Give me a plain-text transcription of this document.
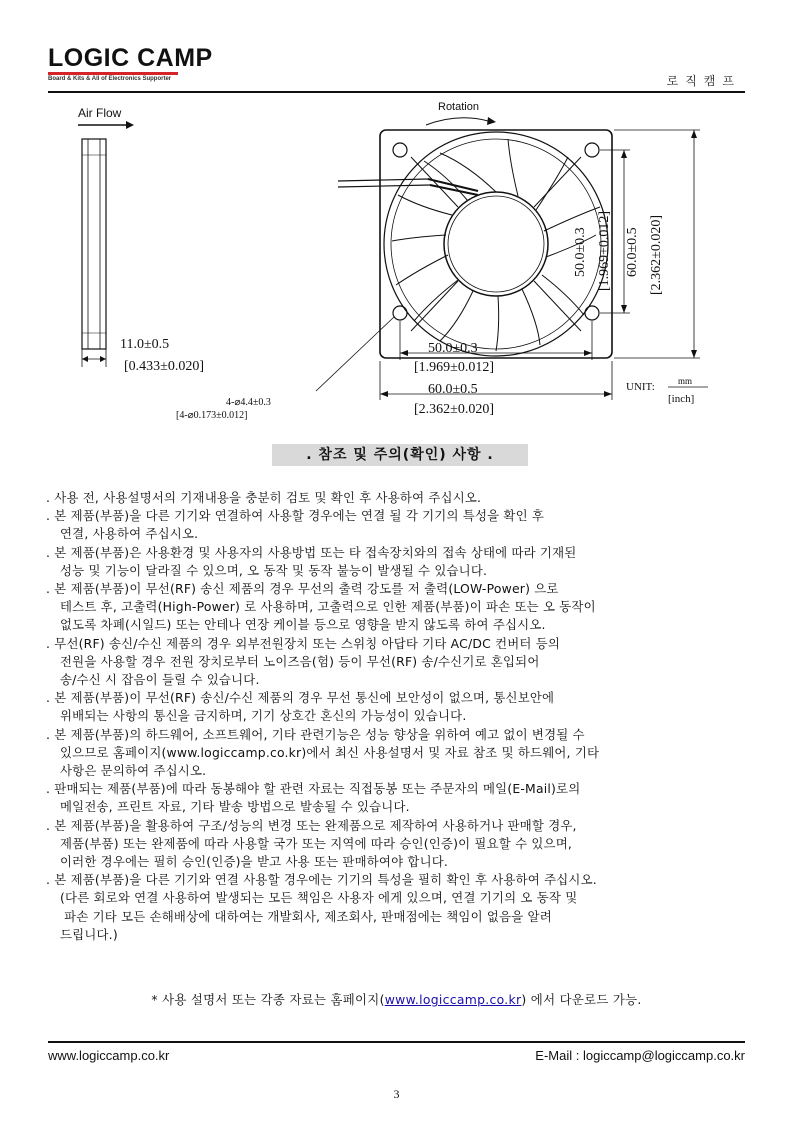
LOGIC CAMP
Board & Kits & All of Electronics Supporter	로직캠프
Air Flow
11.0±0.5
[0.433±0.020]
Rotation
50.0±0.3 [1.969±0.012] 60.0±0.5 [2.362±0.020]
50.0±0.3
[1.969±0.012]
60.0±0.5
[2.362±0.020]
4-⌀4.4±0.3
[4-⌀0.173±0.012]
UNIT:	mm
[inch]
. 참조 및 주의(확인) 사항 .
. 사용 전, 사용설명서의 기재내용을 충분히 검토 및 확인 후 사용하여 주십시오.
. 본 제품(부품)을 다른 기기와 연결하여 사용할 경우에는 연결 될 각 기기의 특성을 확인 후
연결, 사용하여 주십시오.
. 본 제품(부품)은 사용환경 및 사용자의 사용방법 또는 타 접속장치와의 접속 상태에 따라 기재된
성능 및 기능이 달라질 수 있으며, 오 동작 및 동작 불능이 발생될 수 있습니다.
. 본 제품(부품)이 무선(RF) 송신 제품의 경우 무선의 출력 강도를 저 출력(LOW-Power) 으로
테스트 후, 고출력(High-Power) 로 사용하며, 고출력으로 인한 제품(부품)이 파손 또는 오 동작이
없도록 차폐(시일드) 또는 안테나 연장 케이블 등으로 영향을 받지 않도록 하여 주십시오.
. 무선(RF) 송신/수신 제품의 경우 외부전원장치 또는 스위칭 아답타 기타 AC/DC 컨버터 등의
전원을 사용할 경우 전원 장치로부터 노이즈음(험) 등이 무선(RF) 송/수신기로 혼입되어
송/수신 시 잡음이 들릴 수 있습니다.
. 본 제품(부품)이 무선(RF) 송신/수신 제품의 경우 무선 통신에 보안성이 없으며, 통신보안에
위배되는 사항의 통신을 금지하며, 기기 상호간 혼신의 가능성이 있습니다.
. 본 제품(부품)의 하드웨어, 소프트웨어, 기타 관련기능은 성능 향상을 위하여 예고 없이 변경될 수
있으므로 홈페이지(www.logiccamp.co.kr)에서 최신 사용설명서 및 자료 참조 및 하드웨어, 기타
사항은 문의하여 주십시오.
. 판매되는 제품(부품)에 따라 동봉해야 할 관련 자료는 직접동봉 또는 주문자의 메일(E-Mail)로의
메일전송, 프린트 자료, 기타 발송 방법으로 발송될 수 있습니다.
. 본 제품(부품)을 활용하여 구조/성능의 변경 또는 완제품으로 제작하여 사용하거나 판매할 경우,
제품(부품) 또는 완제품에 따라 사용할 국가 또는 지역에 따라 승인(인증)이 필요할 수 있으며,
이러한 경우에는 필히 승인(인증)을 받고 사용 또는 판매하여야 합니다.
. 본 제품(부품)을 다른 기기와 연결 사용할 경우에는 기기의 특성을 필히 확인 후 사용하여 주십시오.
(다른 회로와 연결 사용하여 발생되는 모든 책임은 사용자 에게 있으며, 연결 기기의 오 동작 및
파손 기타 모든 손해배상에 대하여는 개발회사, 제조회사, 판매점에는 책임이 없음을 알려
드립니다.)
* 사용 설명서 또는 각종 자료는 홈페이지(www.logiccamp.co.kr) 에서 다운로드 가능.
www.logiccamp.co.kr	E-Mail : logiccamp@logiccamp.co.kr
3
